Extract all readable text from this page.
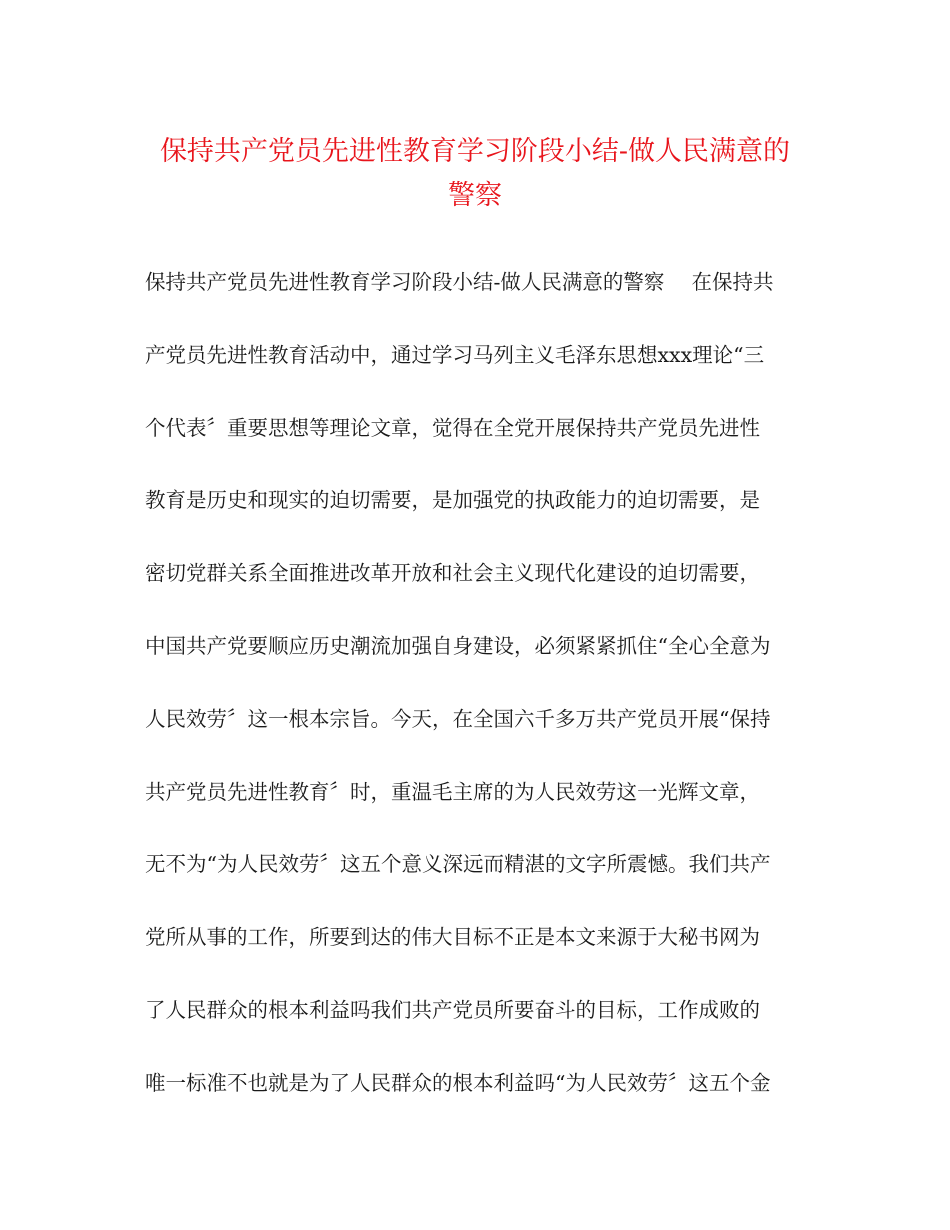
保持共产党员先进性教育学习阶段小结-做人民满意的
警察
保持共产党员先进性教育学习阶段小结-做人民满意的警察　 在保持共
产党员先进性教育活动中，通过学习马列主义毛泽东思想xxx理论“三
个代表〞重要思想等理论文章，觉得在全党开展保持共产党员先进性
教育是历史和现实的迫切需要，是加强党的执政能力的迫切需要，是
密切党群关系全面推进改革开放和社会主义现代化建设的迫切需要，
中国共产党要顺应历史潮流加强自身建设，必须紧紧抓住“全心全意为
人民效劳〞这一根本宗旨。今天，在全国六千多万共产党员开展“保持
共产党员先进性教育〞时，重温毛主席的为人民效劳这一光辉文章，
无不为“为人民效劳〞这五个意义深远而精湛的文字所震憾。我们共产
党所从事的工作，所要到达的伟大目标不正是本文来源于大秘书网为
了人民群众的根本利益吗我们共产党员所要奋斗的目标，工作成败的
唯一标准不也就是为了人民群众的根本利益吗“为人民效劳〞这五个金
